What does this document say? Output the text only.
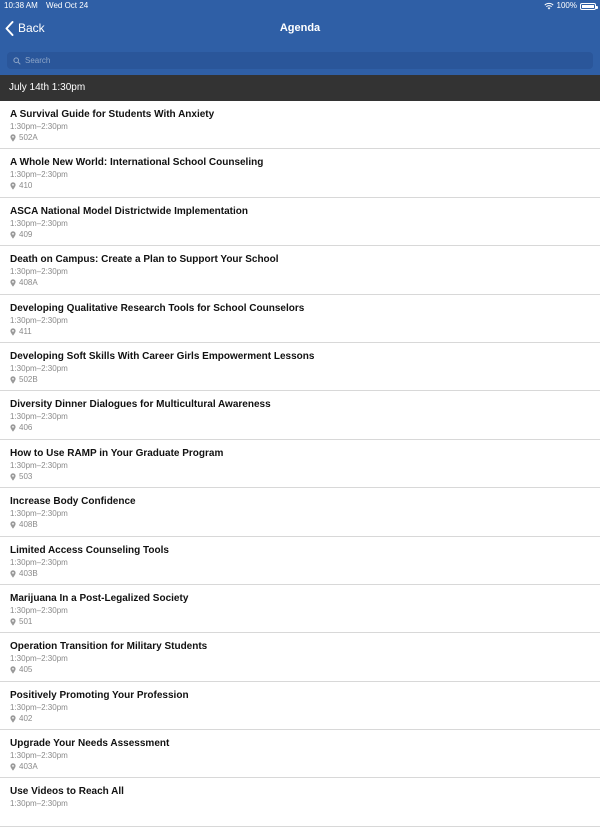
10:38 AM Wed Oct 24	100%
Back	Agenda
Search
July 14th 1:30pm
A Survival Guide for Students With Anxiety
1:30pm–2:30pm
502A
A Whole New World: International School Counseling
1:30pm–2:30pm
410
ASCA National Model Districtwide Implementation
1:30pm–2:30pm
409
Death on Campus: Create a Plan to Support Your School
1:30pm–2:30pm
408A
Developing Qualitative Research Tools for School Counselors
1:30pm–2:30pm
411
Developing Soft Skills With Career Girls Empowerment Lessons
1:30pm–2:30pm
502B
Diversity Dinner Dialogues for Multicultural Awareness
1:30pm–2:30pm
406
How to Use RAMP in Your Graduate Program
1:30pm–2:30pm
503
Increase Body Confidence
1:30pm–2:30pm
408B
Limited Access Counseling Tools
1:30pm–2:30pm
403B
Marijuana In a Post-Legalized Society
1:30pm–2:30pm
501
Operation Transition for Military Students
1:30pm–2:30pm
405
Positively Promoting Your Profession
1:30pm–2:30pm
402
Upgrade Your Needs Assessment
1:30pm–2:30pm
403A
Use Videos to Reach All
1:30pm–2:30pm
